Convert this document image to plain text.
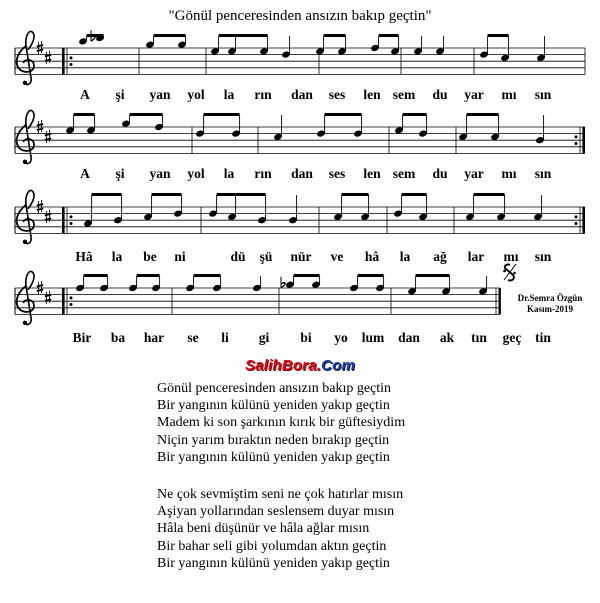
"Gönül penceresinden ansızın bakıp geçtin"
A şi yan yol la rın dan ses len sem du yar mı sın
A şi yan yol la rın dan ses len sem du yar mı sın
Hâ la be ni	dü şü nür ve hâ la ağ lar mı sın
Bir ba har se li gi bi yo lum dan ak tın geç tin
Dr.Semra Özgün
Kasım-2019
SalihBora.Com
Gönül penceresinden ansızın bakıp geçtin
Bir yangının külünü yeniden yakıp geçtin
Madem ki son şarkının kırık bir güftesiydim
Niçin yarım bıraktın neden bırakıp geçtin
Bir yangının külünü yeniden yakıp geçtin
Ne çok sevmiştim seni ne çok hatırlar mısın
Aşiyan yollarından seslensem duyar mısın
Hâla beni düşünür ve hâla ağlar mısın
Bir bahar seli gibi yolumdan aktın geçtin
Bir yangının külünü yeniden yakıp geçtin
